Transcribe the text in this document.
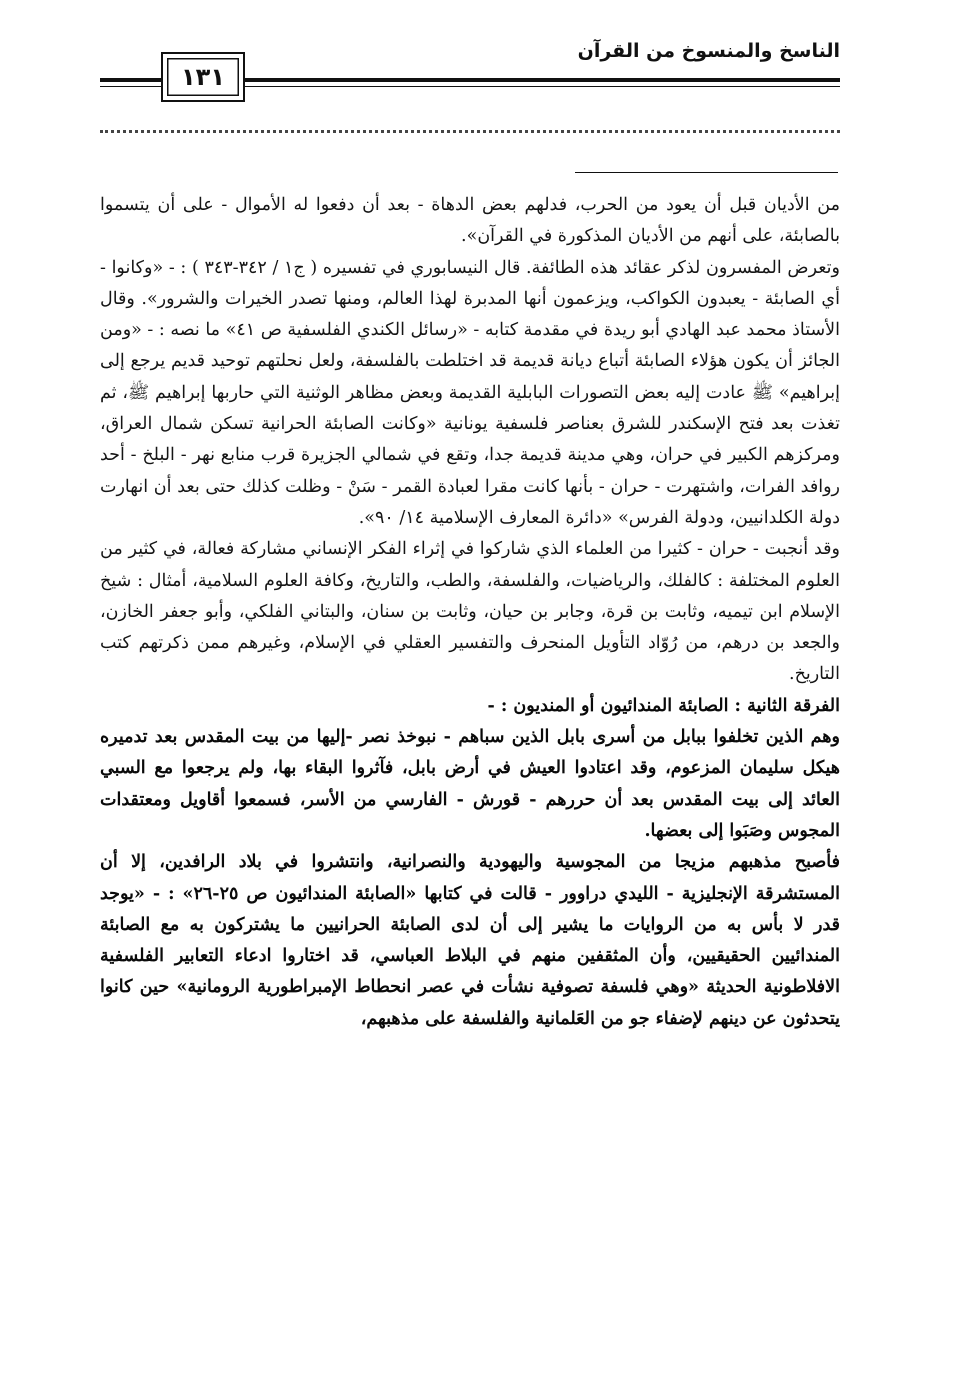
الناسخ والمنسوخ من القرآن
١٣١

من الأديان قبل أن يعود من الحرب، فدلهم بعض الدهاة - بعد أن دفعوا له الأموال - على أن يتسموا بالصابئة، على أنهم من الأديان المذكورة في القرآن».

وتعرض المفسرون لذكر عقائد هذه الطائفة. قال النيسابوري في تفسيره ( ج١ / ٣٤٢-٣٤٣ ) : - «وكانوا - أي الصابئة - يعبدون الكواكب، ويزعمون أنها المدبرة لهذا العالم، ومنها تصدر الخيرات والشرور». وقال الأستاذ محمد عبد الهادي أبو ريدة في مقدمة كتابه - «رسائل الكندي الفلسفية ص ٤١» ما نصه : - «ومن الجائز أن يكون هؤلاء الصابئة أتباع ديانة قديمة قد اختلطت بالفلسفة، ولعل نحلتهم توحيد قديم يرجع إلى إبراهيم» ﷺ عادت إليه بعض التصورات البابلية القديمة وبعض مظاهر الوثنية التي حاربها إبراهيم ﷺ، ثم تغذت بعد فتح الإسكندر للشرق بعناصر فلسفية يونانية «وكانت الصابئة الحرانية تسكن شمال العراق، ومركزهم الكبير في حران، وهي مدينة قديمة جدا، وتقع في شمالي الجزيرة قرب منابع نهر - البلخ - أحد روافد الفرات، واشتهرت - حران - بأنها كانت مقرا لعبادة القمر - سَنْ - وظلت كذلك حتى بعد أن انهارت دولة الكلدانيين، ودولة الفرس» «دائرة المعارف الإسلامية ١٤/ ٩٠».

وقد أنجبت - حران - كثيرا من العلماء الذي شاركوا في إثراء الفكر الإنساني مشاركة فعالة، في كثير من العلوم المختلفة : كالفلك، والرياضيات، والفلسفة، والطب، والتاريخ، وكافة العلوم السلامية، أمثال : شيخ الإسلام ابن تيميه، وثابت بن قرة، وجابر بن حيان، وثابت بن سنان، والبتاني الفلكي، وأبو جعفر الخازن، والجعد بن درهم، من رُوّاد التأويل المنحرف والتفسير العقلي في الإسلام، وغيرهم ممن ذكرتهم كتب التاريخ.

الفرقة الثانية : الصابئة المندائيون أو المنديون : -

وهم الذين تخلفوا ببابل من أسرى بابل الذين سباهم - نبوخذ نصر -إليها من بيت المقدس بعد تدميره هيكل سليمان المزعوم، وقد اعتادوا العيش في أرض بابل، فآثروا البقاء بها، ولم يرجعوا مع السبي العائد إلى بيت المقدس بعد أن حررهم - قورش - الفارسي من الأسر، فسمعوا أقاويل ومعتقدات المجوس وصَبَوا إلى بعضها.

فأصبح مذهبهم مزيجا من المجوسية واليهودية والنصرانية، وانتشروا في بلاد الرافدين، إلا أن المستشرقة الإنجليزية - الليدي دراوور - قالت في كتابها «الصابئة المندائيون ص ٢٥-٢٦» : - «يوجد قدر لا بأس به من الروايات ما يشير إلى أن لدى الصابئة الحرانيين ما يشتركون به مع الصابئة المندائيين الحقيقيين، وأن المثقفين منهم في البلاط العباسي، قد اختاروا ادعاء التعابير الفلسفية الافلاطونية الحديثة «وهي فلسفة تصوفية نشأت في عصر انحطاط الإمبراطورية الرومانية» حين كانوا يتحدثون عن دينهم لإضفاء جو من العَلمانية والفلسفة على مذهبهم،
